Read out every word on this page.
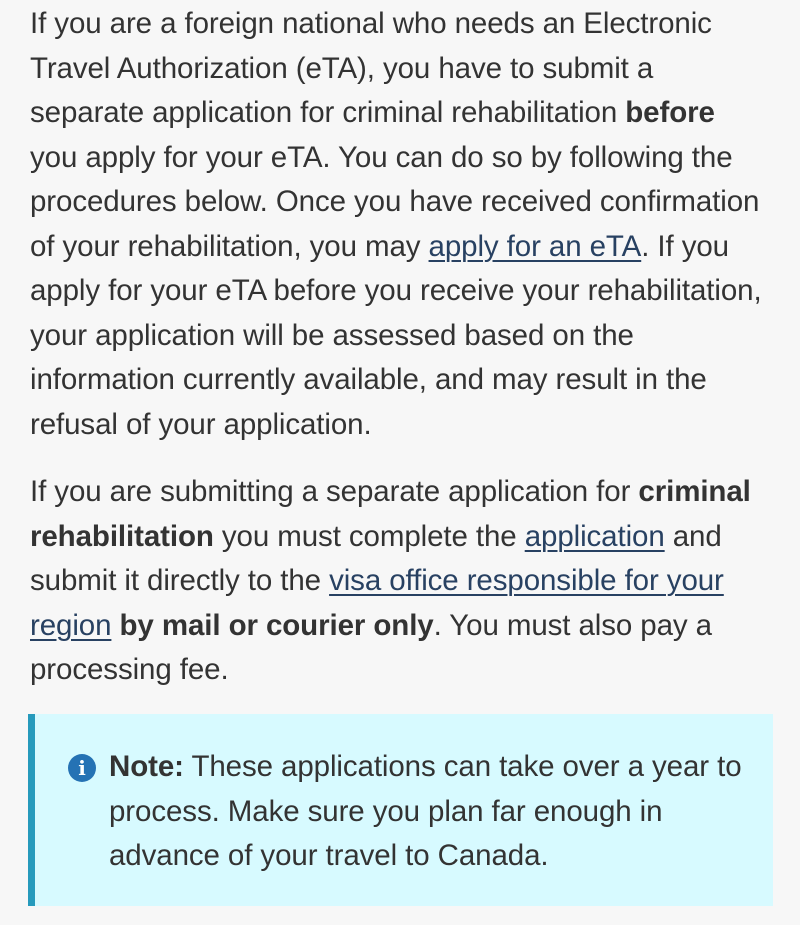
If you are a foreign national who needs an Electronic Travel Authorization (eTA), you have to submit a separate application for criminal rehabilitation before you apply for your eTA. You can do so by following the procedures below. Once you have received confirmation of your rehabilitation, you may apply for an eTA. If you apply for your eTA before you receive your rehabilitation, your application will be assessed based on the information currently available, and may result in the refusal of your application.

If you are submitting a separate application for criminal rehabilitation you must complete the application and submit it directly to the visa office responsible for your region by mail or courier only. You must also pay a processing fee.

i Note: These applications can take over a year to process. Make sure you plan far enough in advance of your travel to Canada.
